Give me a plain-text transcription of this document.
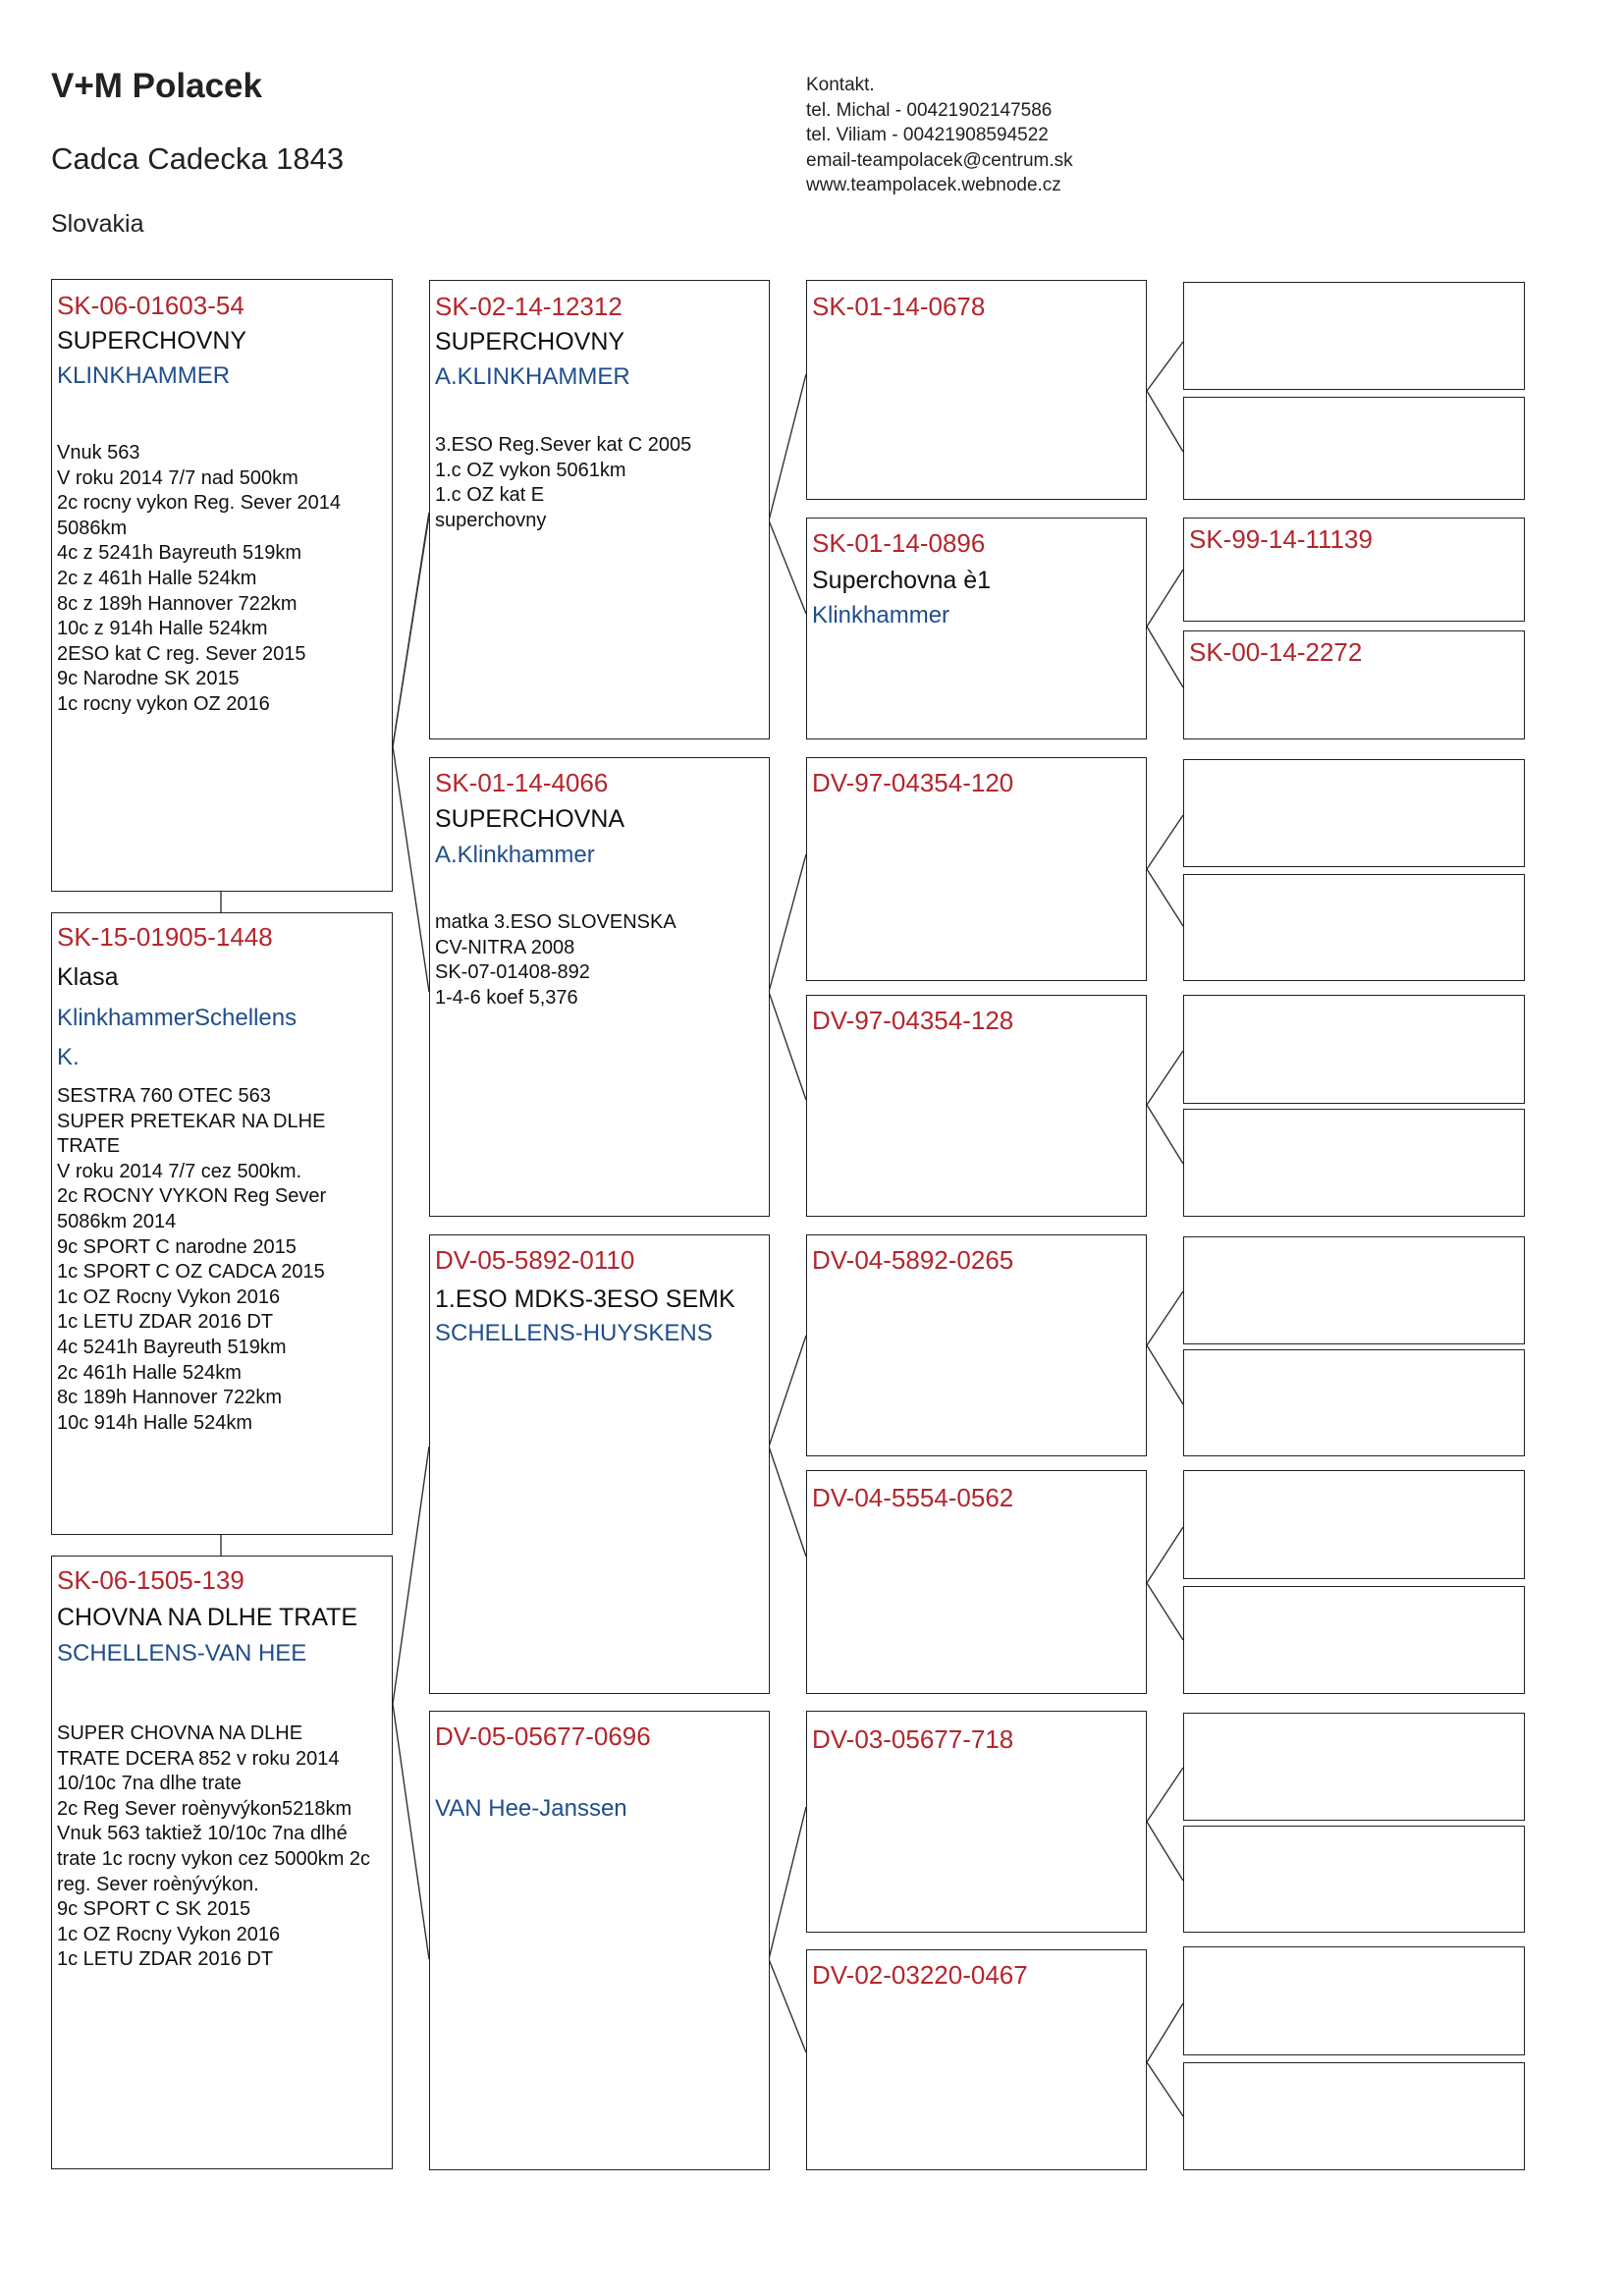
V+M Polacek
Cadca Cadecka 1843
Slovakia
Kontakt.
tel. Michal - 00421902147586
tel. Viliam - 00421908594522
email-teampolacek@centrum.sk
www.teampolacek.webnode.cz
SK-06-01603-54
SUPERCHOVNY
KLINKHAMMER
Vnuk 563
V roku 2014 7/7 nad 500km
2c rocny vykon Reg. Sever 2014
5086km
4c z 5241h Bayreuth 519km
2c z 461h Halle 524km
8c z 189h Hannover 722km
10c z 914h Halle 524km
2ESO kat C reg. Sever 2015
9c Narodne SK 2015
1c rocny vykon OZ 2016
SK-15-01905-1448
Klasa
KlinkhammerSchellens
K.
SESTRA 760 OTEC 563
SUPER PRETEKAR NA DLHE
TRATE
V roku 2014 7/7 cez 500km.
2c ROCNY VYKON Reg Sever
5086km 2014
9c SPORT C narodne 2015
1c SPORT C OZ CADCA 2015
1c OZ Rocny Vykon 2016
1c LETU ZDAR 2016 DT
4c 5241h Bayreuth 519km
2c 461h Halle 524km
8c 189h Hannover 722km
10c 914h Halle 524km
SK-06-1505-139
CHOVNA NA DLHE TRATE
SCHELLENS-VAN HEE
SUPER CHOVNA NA DLHE
TRATE DCERA 852 v roku 2014
10/10c 7na dlhe trate
2c Reg Sever roènyvýkon5218km
Vnuk 563 taktiež 10/10c 7na dlhé
trate 1c rocny vykon cez 5000km 2c
reg. Sever roènývýkon.
9c SPORT C SK 2015
1c OZ Rocny Vykon 2016
1c LETU ZDAR 2016 DT
SK-02-14-12312
SUPERCHOVNY
A.KLINKHAMMER
3.ESO Reg.Sever kat C 2005
1.c OZ vykon 5061km
1.c OZ kat E
superchovny
SK-01-14-4066
SUPERCHOVNA
A.Klinkhammer
matka 3.ESO SLOVENSKA
CV-NITRA 2008
SK-07-01408-892
1-4-6 koef 5,376
DV-05-5892-0110
1.ESO MDKS-3ESO SEMK
SCHELLENS-HUYSKENS
DV-05-05677-0696
VAN Hee-Janssen
SK-01-14-0678
SK-01-14-0896
Superchovna è1
Klinkhammer
DV-97-04354-120
DV-97-04354-128
DV-04-5892-0265
DV-04-5554-0562
DV-03-05677-718
DV-02-03220-0467
SK-99-14-11139
SK-00-14-2272
